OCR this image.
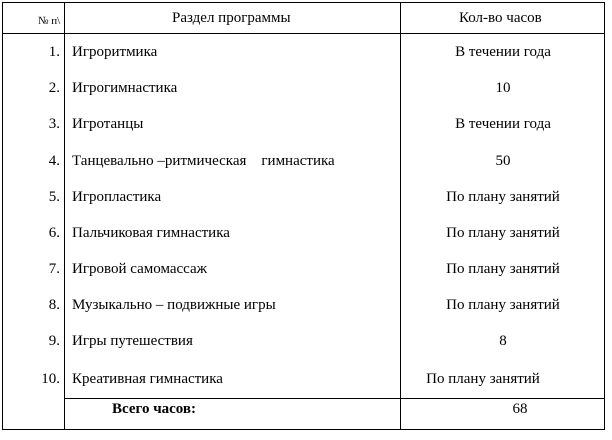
№ п\	Раздел программы	Кол-во часов
1. Игроритмика	В течении года
2. Игрогимнастика	10
3. Игротанцы	В течении года
4. Танцевально –ритмическая    гимнастика	50
5. Игропластика	По плану занятий
6. Пальчиковая гимнастика	По плану занятий
7. Игровой самомассаж	По плану занятий
8. Музыкально – подвижные игры	По плану занятий
9. Игры путешествия	8
10. Креативная гимнастика	По плану занятий
Всего часов:	68
